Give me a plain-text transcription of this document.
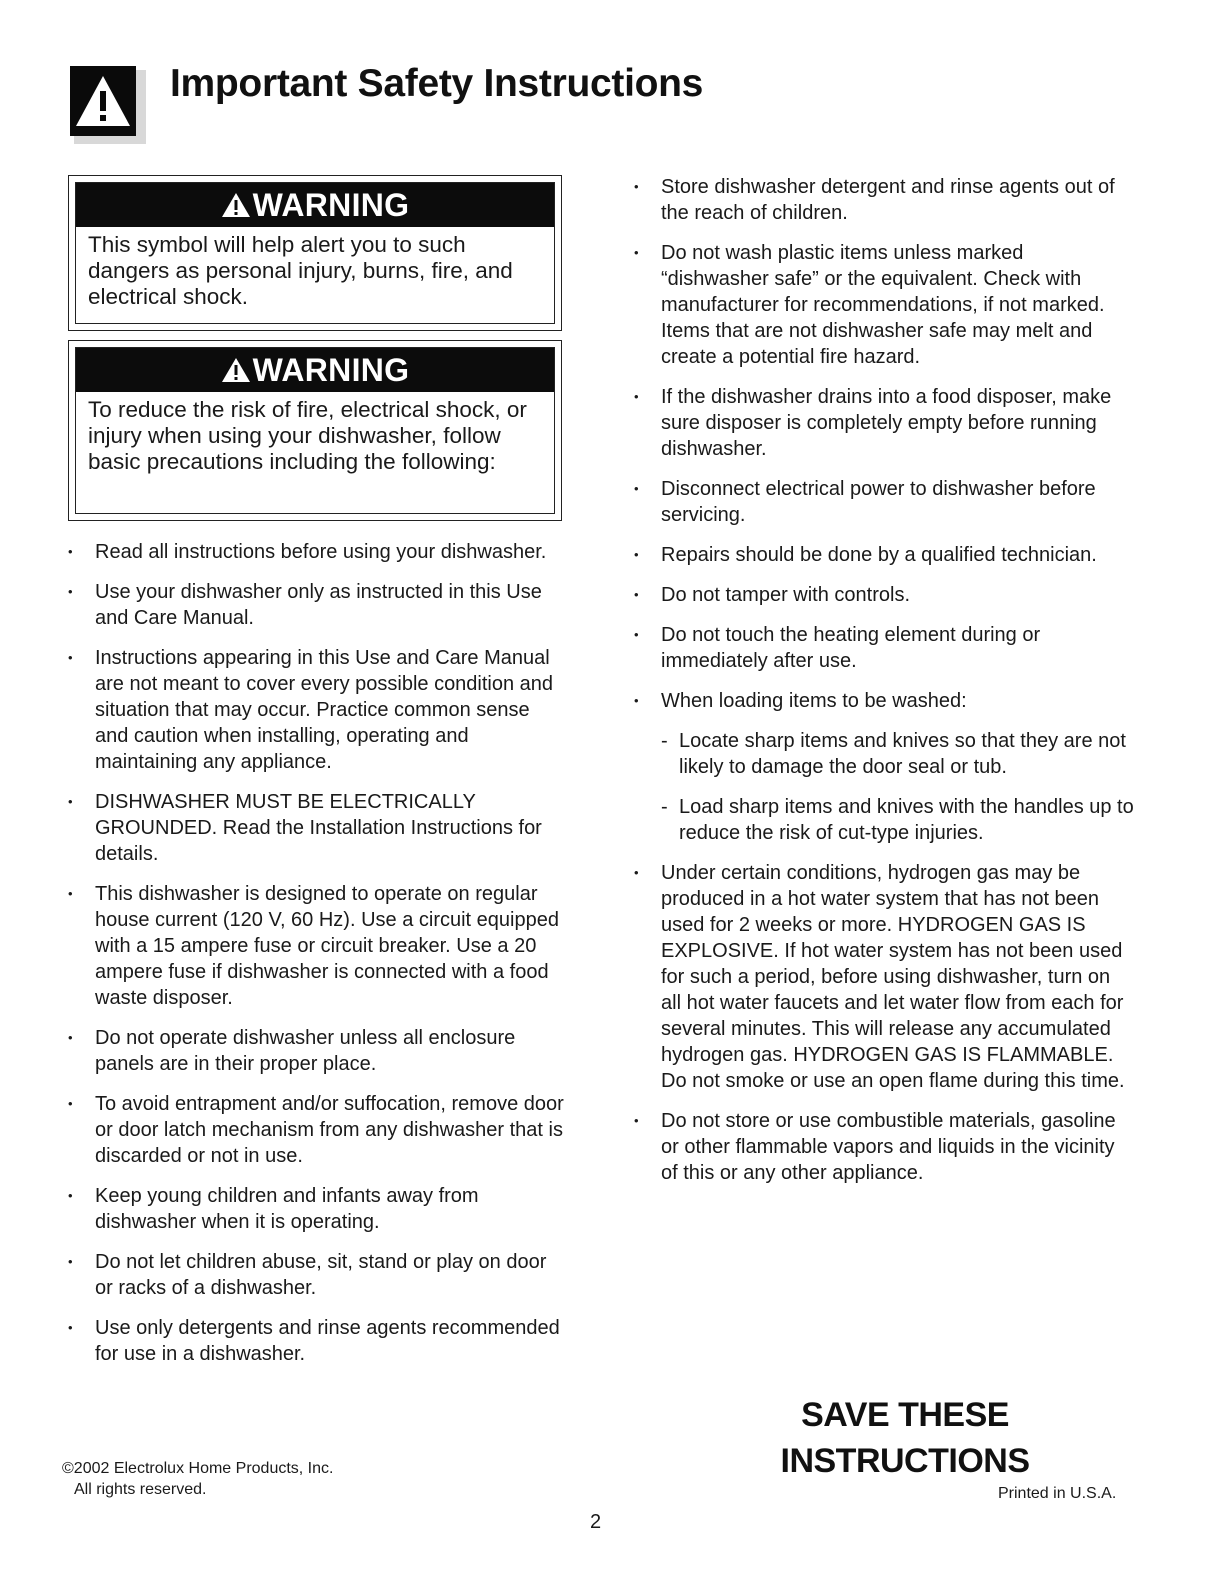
Important Safety Instructions
WARNING

This symbol will help alert you to such dangers as personal injury, burns, fire, and electrical shock.

WARNING

To reduce the risk of fire, electrical shock, or injury when using your dishwasher, follow basic precautions including the following:

• Read all instructions before using your dishwasher.
• Use your dishwasher only as instructed in this Use and Care Manual.
• Instructions appearing in this Use and Care Manual are not meant to cover every possible condition and situation that may occur. Practice common sense and caution when installing, operating and maintaining any appliance.
• DISHWASHER MUST BE ELECTRICALLY GROUNDED. Read the Installation Instructions for details.
• This dishwasher is designed to operate on regular house current (120 V, 60 Hz). Use a circuit equipped with a 15 ampere fuse or circuit breaker. Use a 20 ampere fuse if dishwasher is connected with a food waste disposer.
• Do not operate dishwasher unless all enclosure panels are in their proper place.
• To avoid entrapment and/or suffocation, remove door or door latch mechanism from any dishwasher that is discarded or not in use.
• Keep young children and infants away from dishwasher when it is operating.
• Do not let children abuse, sit, stand or play on door or racks of a dishwasher.
• Use only detergents and rinse agents recommended for use in a dishwasher.
• Store dishwasher detergent and rinse agents out of the reach of children.
• Do not wash plastic items unless marked “dishwasher safe” or the equivalent. Check with manufacturer for recommendations, if not marked. Items that are not dishwasher safe may melt and create a potential fire hazard.
• If the dishwasher drains into a food disposer, make sure disposer is completely empty before running dishwasher.
• Disconnect electrical power to dishwasher before servicing.
• Repairs should be done by a qualified technician.
• Do not tamper with controls.
• Do not touch the heating element during or immediately after use.
• When loading items to be washed:
- Locate sharp items and knives so that they are not likely to damage the door seal or tub.
- Load sharp items and knives with the handles up to reduce the risk of cut-type injuries.
• Under certain conditions, hydrogen gas may be produced in a hot water system that has not been used for 2 weeks or more. HYDROGEN GAS IS EXPLOSIVE. If hot water system has not been used for such a period, before using dishwasher, turn on all hot water faucets and let water flow from each for several minutes. This will release any accumulated hydrogen gas. HYDROGEN GAS IS FLAMMABLE. Do not smoke or use an open flame during this time.
• Do not store or use combustible materials, gasoline or other flammable vapors and liquids in the vicinity of this or any other appliance.
SAVE THESE
INSTRUCTIONS
©2002 Electrolux Home Products, Inc.
All rights reserved.	Printed in U.S.A.
2
